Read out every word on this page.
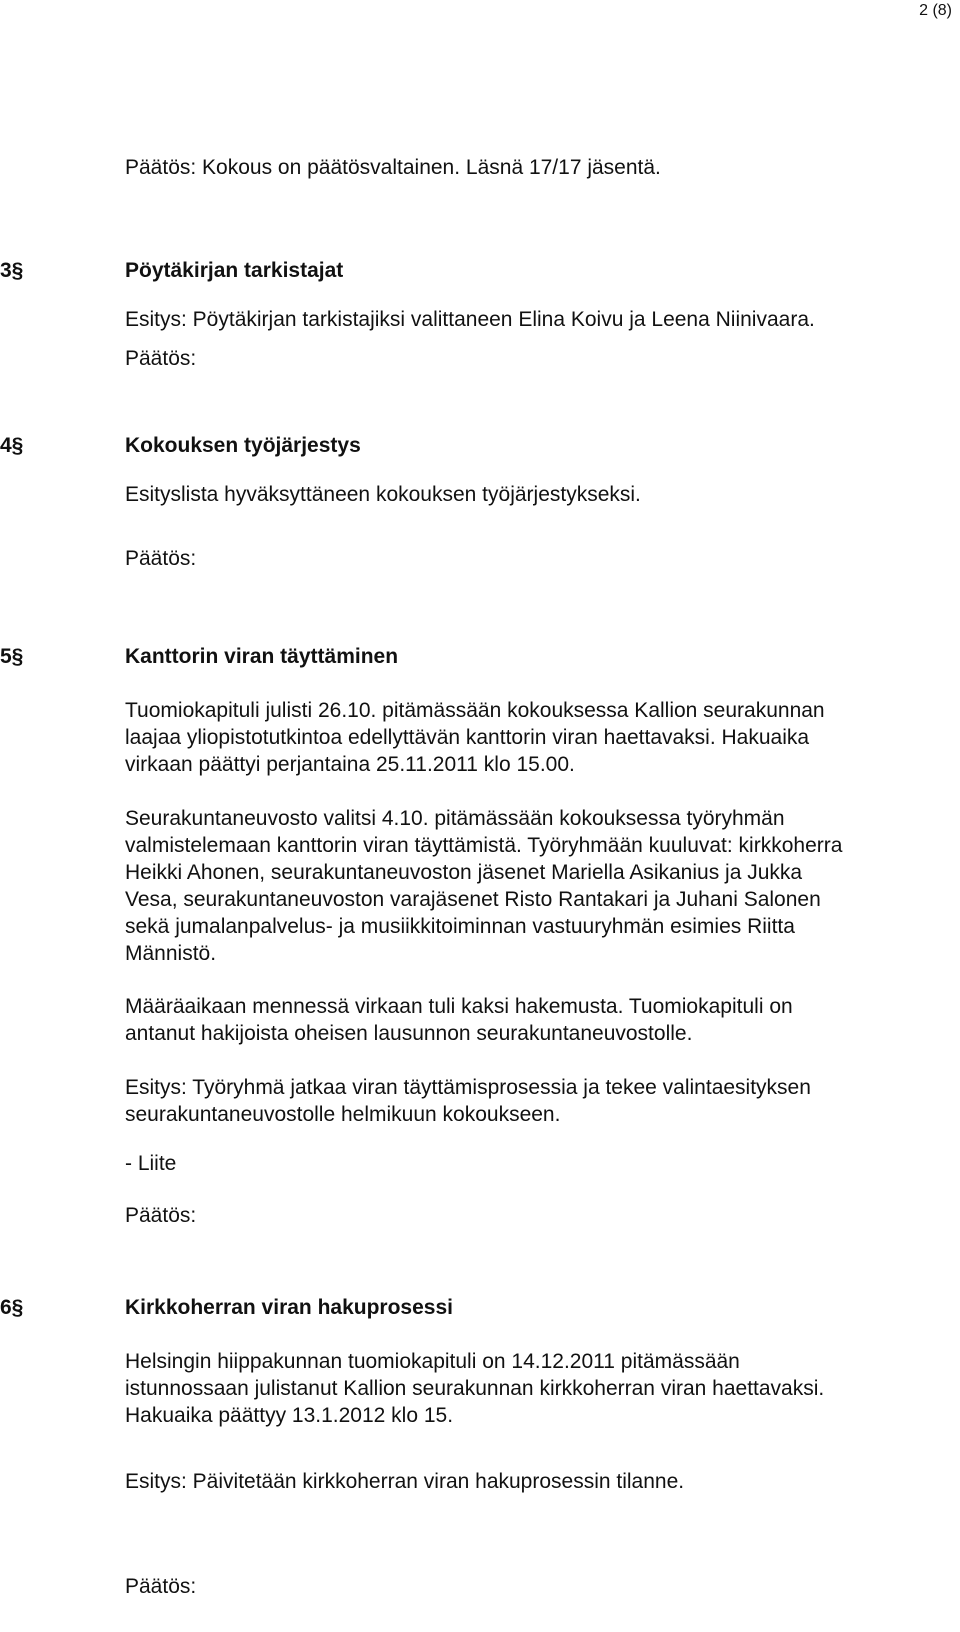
2 (8)
Päätös: Kokous on päätösvaltainen. Läsnä 17/17 jäsentä.
3§	Pöytäkirjan tarkistajat
Esitys: Pöytäkirjan tarkistajiksi valittaneen Elina Koivu ja Leena Niinivaara.
Päätös:
4§	Kokouksen työjärjestys
Esityslista hyväksyttäneen kokouksen työjärjestykseksi.
Päätös:
5§	Kanttorin viran täyttäminen
Tuomiokapituli julisti 26.10. pitämässään kokouksessa Kallion seurakunnan
laajaa yliopistotutkintoa edellyttävän kanttorin viran haettavaksi. Hakuaika
virkaan päättyi perjantaina 25.11.2011 klo 15.00.
Seurakuntaneuvosto valitsi 4.10. pitämässään kokouksessa työryhmän
valmistelemaan kanttorin viran täyttämistä. Työryhmään kuuluvat: kirkkoherra
Heikki Ahonen, seurakuntaneuvoston jäsenet Mariella Asikanius ja Jukka
Vesa, seurakuntaneuvoston varajäsenet Risto Rantakari ja Juhani Salonen
sekä jumalanpalvelus- ja musiikkitoiminnan vastuuryhmän esimies Riitta
Männistö.
Määräaikaan mennessä virkaan tuli kaksi hakemusta. Tuomiokapituli on
antanut hakijoista oheisen lausunnon seurakuntaneuvostolle.
Esitys: Työryhmä jatkaa viran täyttämisprosessia ja tekee valintaesityksen
seurakuntaneuvostolle helmikuun kokoukseen.
- Liite
Päätös:
6§	Kirkkoherran viran hakuprosessi
Helsingin hiippakunnan tuomiokapituli on 14.12.2011 pitämässään
istunnossaan julistanut Kallion seurakunnan kirkkoherran viran haettavaksi.
Hakuaika päättyy 13.1.2012 klo 15.
Esitys: Päivitetään kirkkoherran viran hakuprosessin tilanne.
Päätös:
